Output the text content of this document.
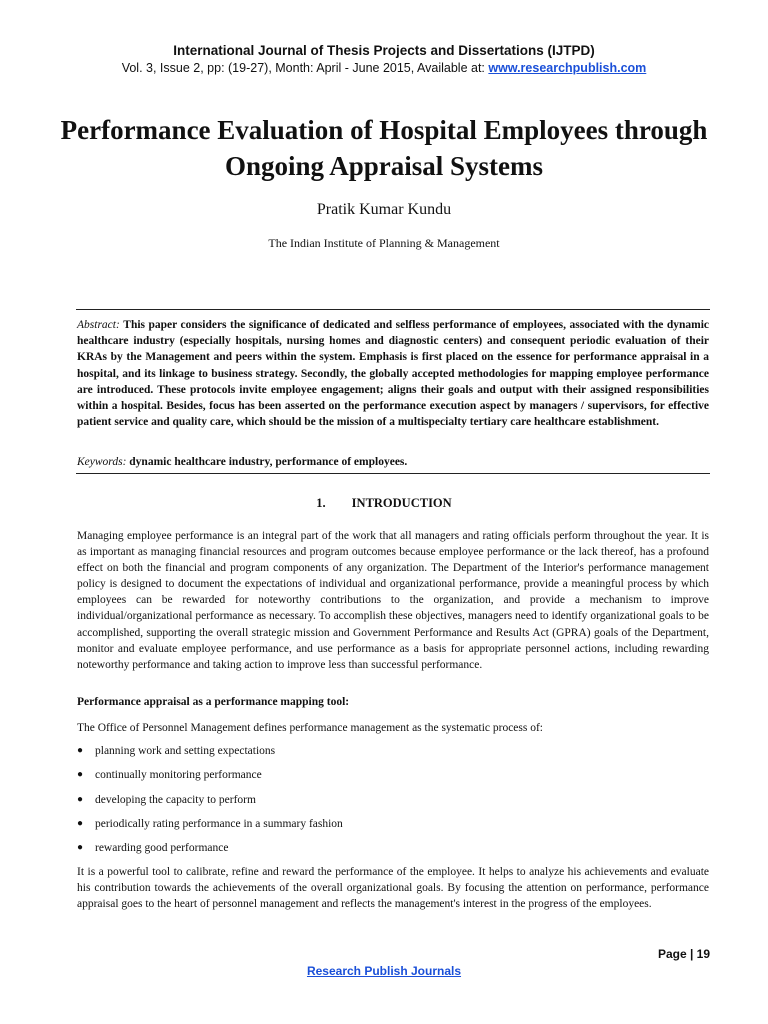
International Journal of Thesis Projects and Dissertations (IJTPD)
Vol. 3, Issue 2, pp: (19-27), Month: April - June 2015, Available at: www.researchpublish.com
Performance Evaluation of Hospital Employees through Ongoing Appraisal Systems
Pratik Kumar Kundu
The Indian Institute of Planning & Management
Abstract: This paper considers the significance of dedicated and selfless performance of employees, associated with the dynamic healthcare industry (especially hospitals, nursing homes and diagnostic centers) and consequent periodic evaluation of their KRAs by the Management and peers within the system. Emphasis is first placed on the essence for performance appraisal in a hospital, and its linkage to business strategy. Secondly, the globally accepted methodologies for mapping employee performance are introduced. These protocols invite employee engagement; aligns their goals and output with their assigned responsibilities within a hospital. Besides, focus has been asserted on the performance execution aspect by managers / supervisors, for effective patient service and quality care, which should be the mission of a multispecialty tertiary care healthcare establishment.
Keywords: dynamic healthcare industry, performance of employees.
1. INTRODUCTION
Managing employee performance is an integral part of the work that all managers and rating officials perform throughout the year. It is as important as managing financial resources and program outcomes because employee performance or the lack thereof, has a profound effect on both the financial and program components of any organization. The Department of the Interior's performance management policy is designed to document the expectations of individual and organizational performance, provide a meaningful process by which employees can be rewarded for noteworthy contributions to the organization, and provide a mechanism to improve individual/organizational performance as necessary. To accomplish these objectives, managers need to identify organizational goals to be accomplished, supporting the overall strategic mission and Government Performance and Results Act (GPRA) goals of the Department, monitor and evaluate employee performance, and use performance as a basis for appropriate personnel actions, including rewarding noteworthy performance and taking action to improve less than successful performance.
Performance appraisal as a performance mapping tool:
The Office of Personnel Management defines performance management as the systematic process of:
● planning work and setting expectations
● continually monitoring performance
● developing the capacity to perform
● periodically rating performance in a summary fashion
● rewarding good performance
It is a powerful tool to calibrate, refine and reward the performance of the employee. It helps to analyze his achievements and evaluate his contribution towards the achievements of the overall organizational goals. By focusing the attention on performance, performance appraisal goes to the heart of personnel management and reflects the management's interest in the progress of the employees.
Page | 19
Research Publish Journals
